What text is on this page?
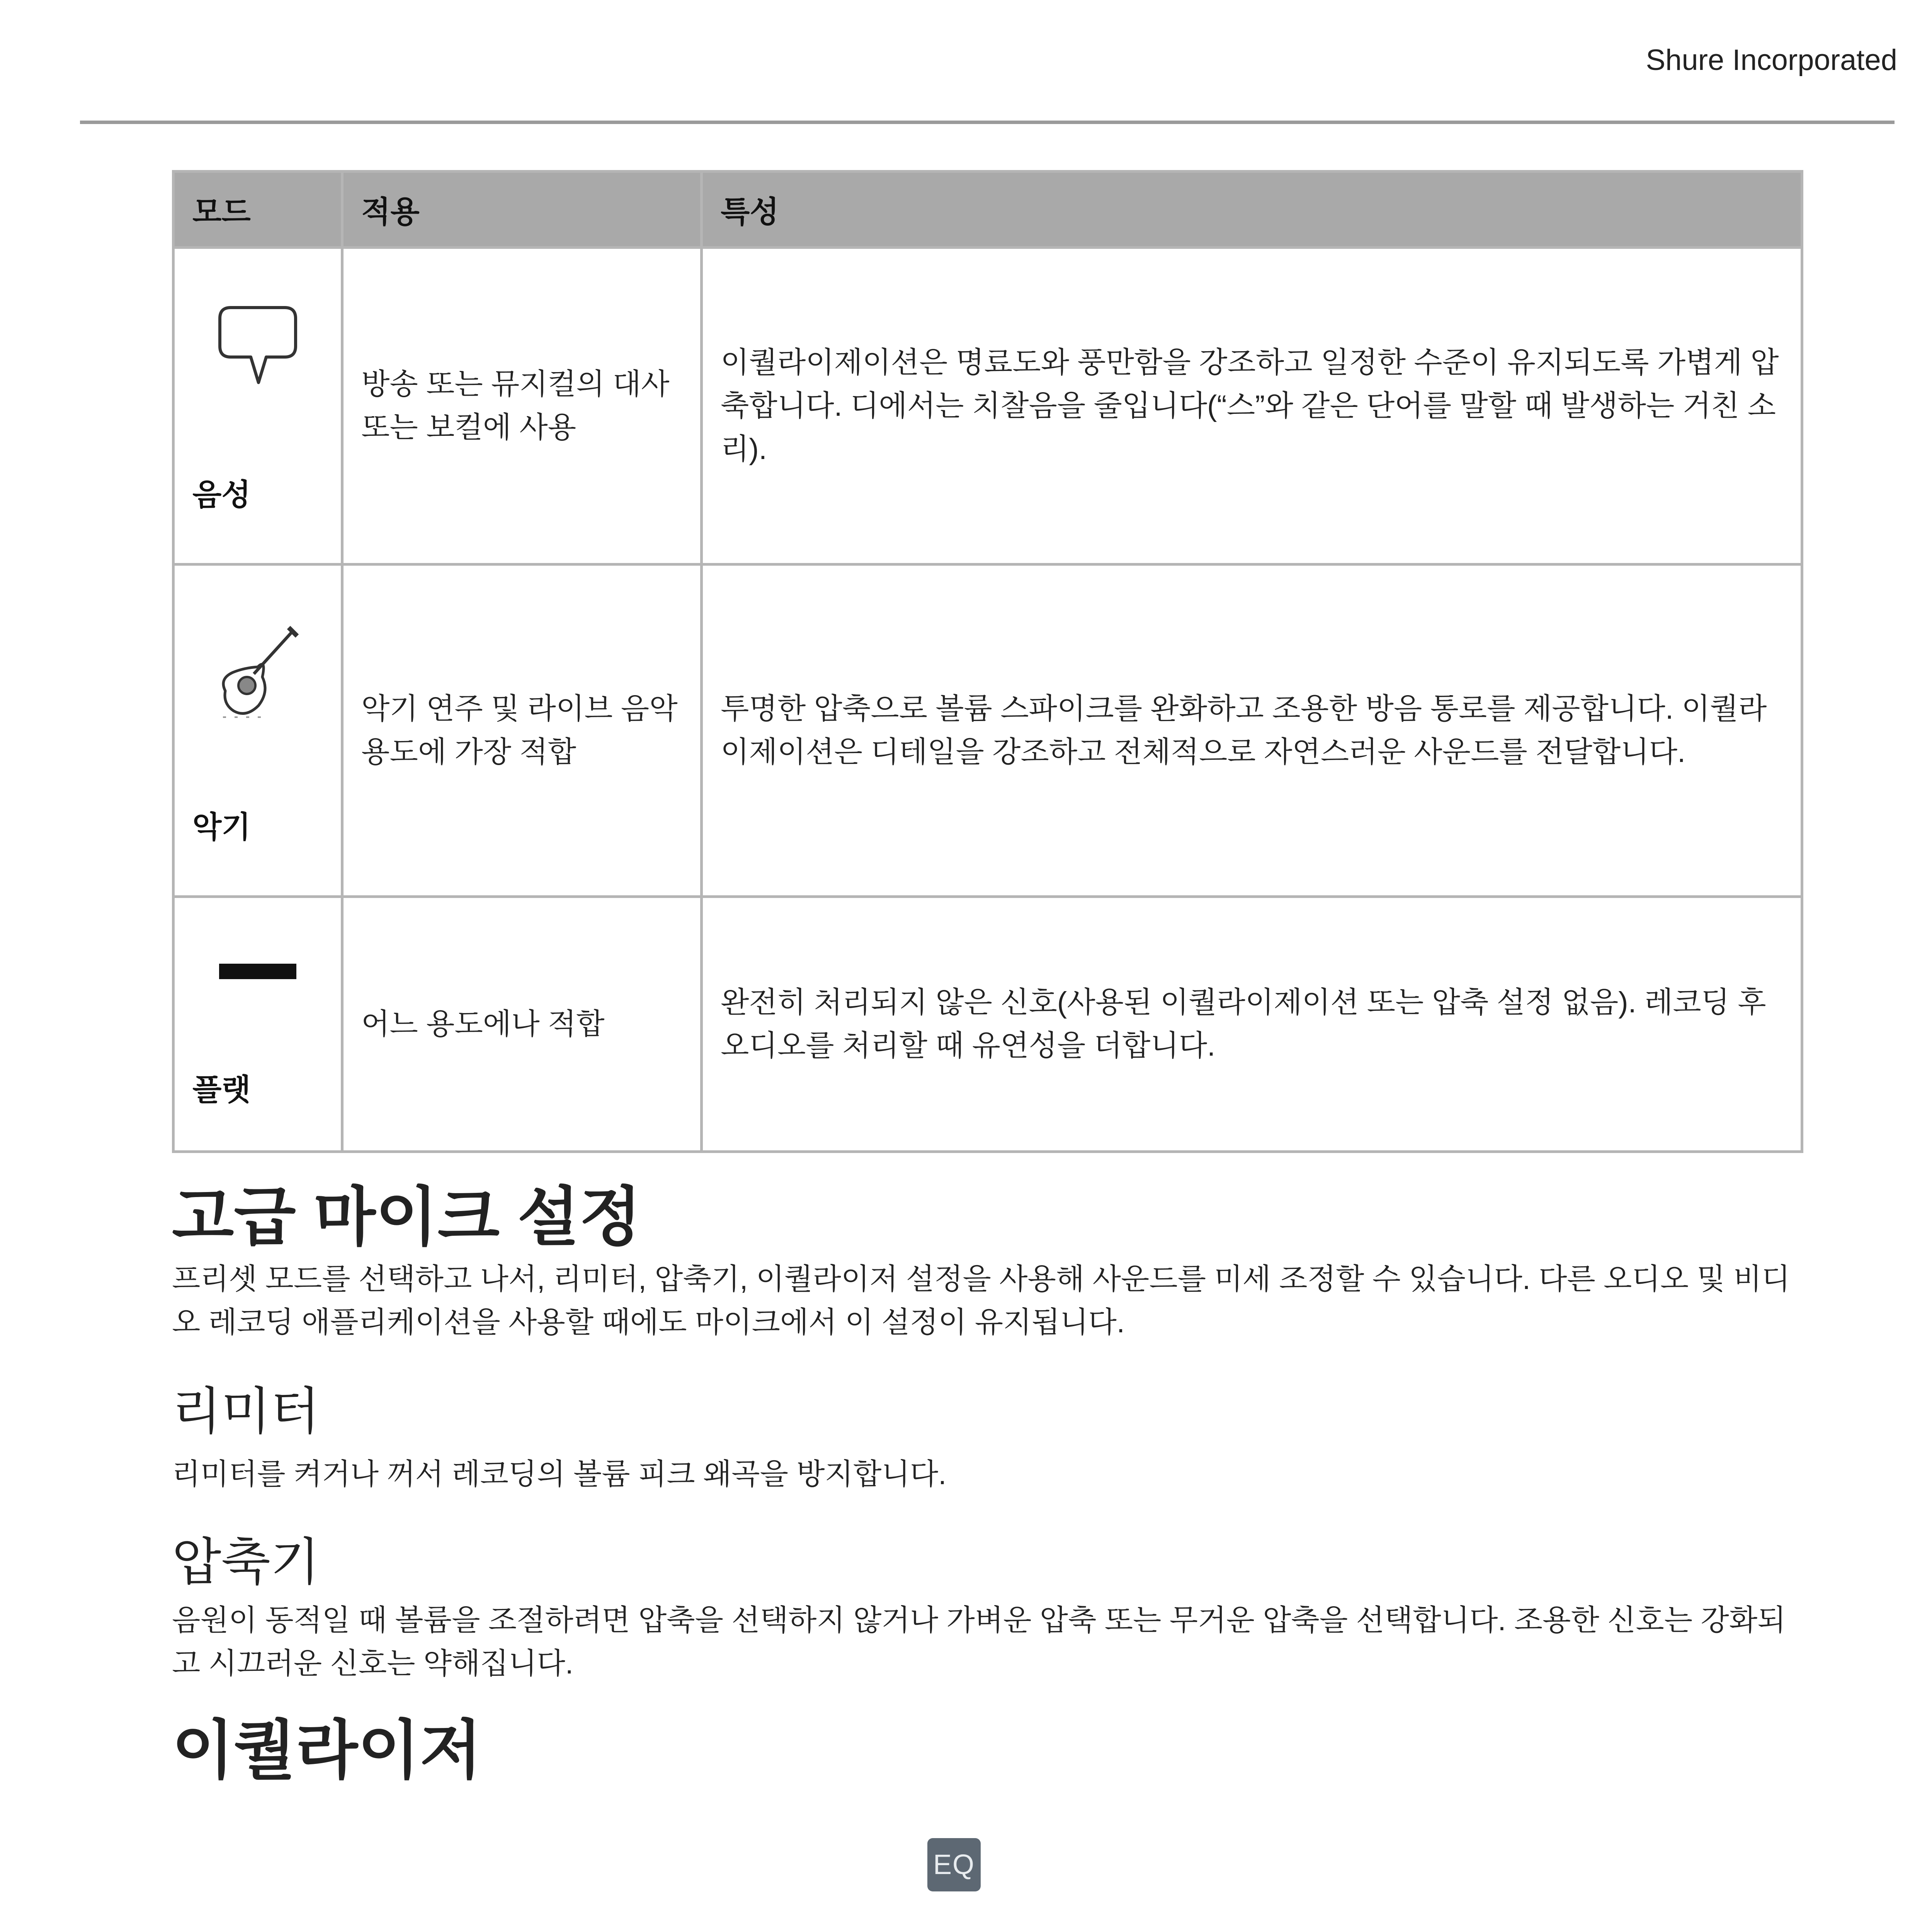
Shure Incorporated
모드	적용	특성

음성	방송 또는 뮤지컬의 대사 또는 보컬에 사용	이퀄라이제이션은 명료도와 풍만함을 강조하고 일정한 수준이 유지되도록 가볍게 압축합니다. 디에서는 치찰음을 줄입니다(“스”와 같은 단어를 말할 때 발생하는 거친 소리).

악기	악기 연주 및 라이브 음악 용도에 가장 적합	투명한 압축으로 볼륨 스파이크를 완화하고 조용한 방음 통로를 제공합니다. 이퀄라이제이션은 디테일을 강조하고 전체적으로 자연스러운 사운드를 전달합니다.

플랫	어느 용도에나 적합	완전히 처리되지 않은 신호(사용된 이퀄라이제이션 또는 압축 설정 없음). 레코딩 후 오디오를 처리할 때 유연성을 더합니다.
고급 마이크 설정

프리셋 모드를 선택하고 나서, 리미터, 압축기, 이퀄라이저 설정을 사용해 사운드를 미세 조정할 수 있습니다. 다른 오디오 및 비디오 레코딩 애플리케이션을 사용할 때에도 마이크에서 이 설정이 유지됩니다.

리미터

리미터를 켜거나 꺼서 레코딩의 볼륨 피크 왜곡을 방지합니다.

압축기

음원이 동적일 때 볼륨을 조절하려면 압축을 선택하지 않거나 가벼운 압축 또는 무거운 압축을 선택합니다. 조용한 신호는 강화되고 시끄러운 신호는 약해집니다.

이퀄라이저
EQ
